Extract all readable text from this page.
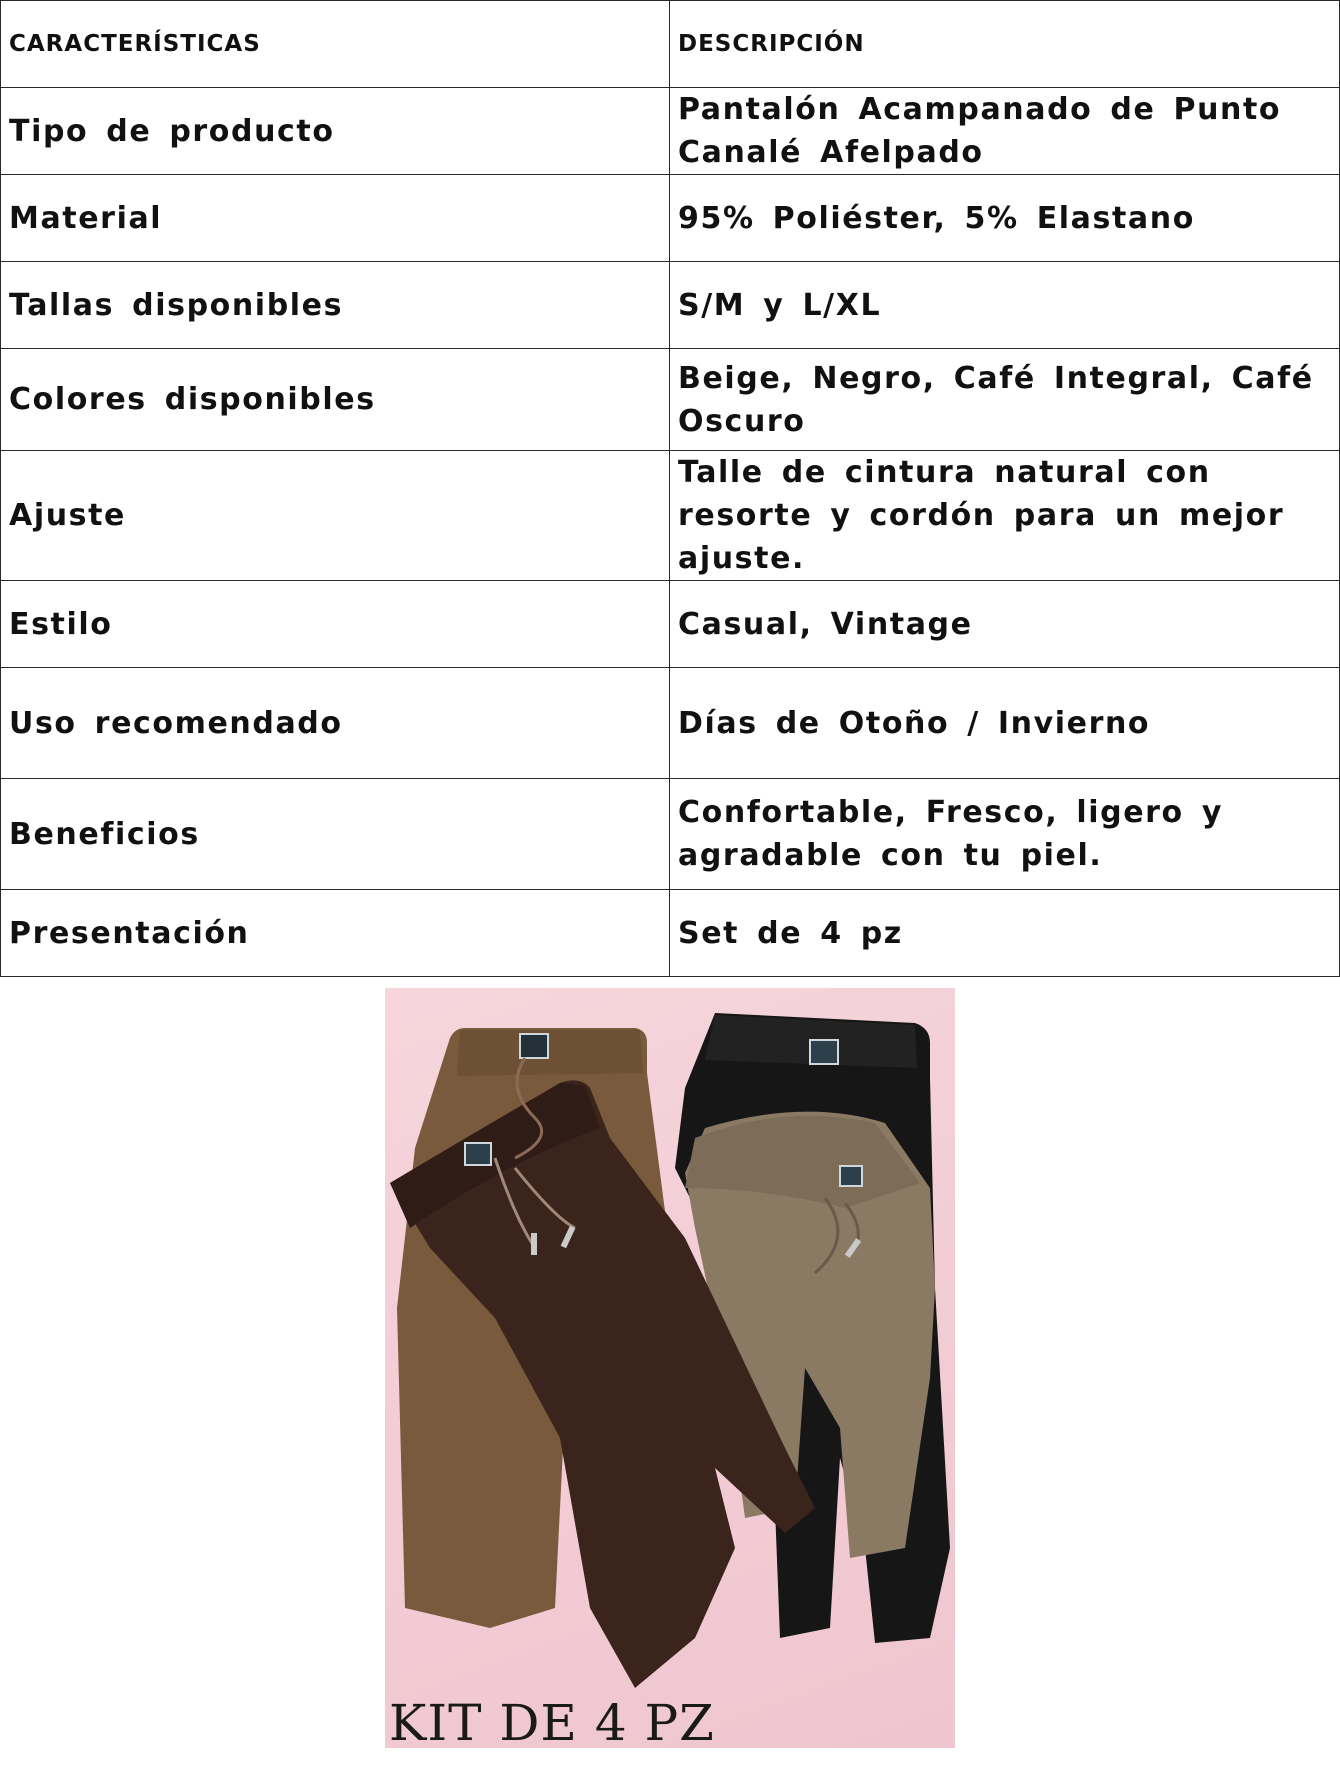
CARACTERÍSTICAS	DESCRIPCIÓN
Tipo de producto	Pantalón Acampanado de Punto Canalé Afelpado
Material	95% Poliéster, 5% Elastano
Tallas disponibles	S/M y L/XL
Colores disponibles	Beige, Negro, Café Integral, Café Oscuro
Ajuste	Talle de cintura natural con resorte y cordón para un mejor ajuste.
Estilo	Casual, Vintage
Uso recomendado	Días de Otoño / Invierno
Beneficios	Confortable, Fresco, ligero y agradable con tu piel.
Presentación	Set de 4 pz
KIT DE 4 PZ
